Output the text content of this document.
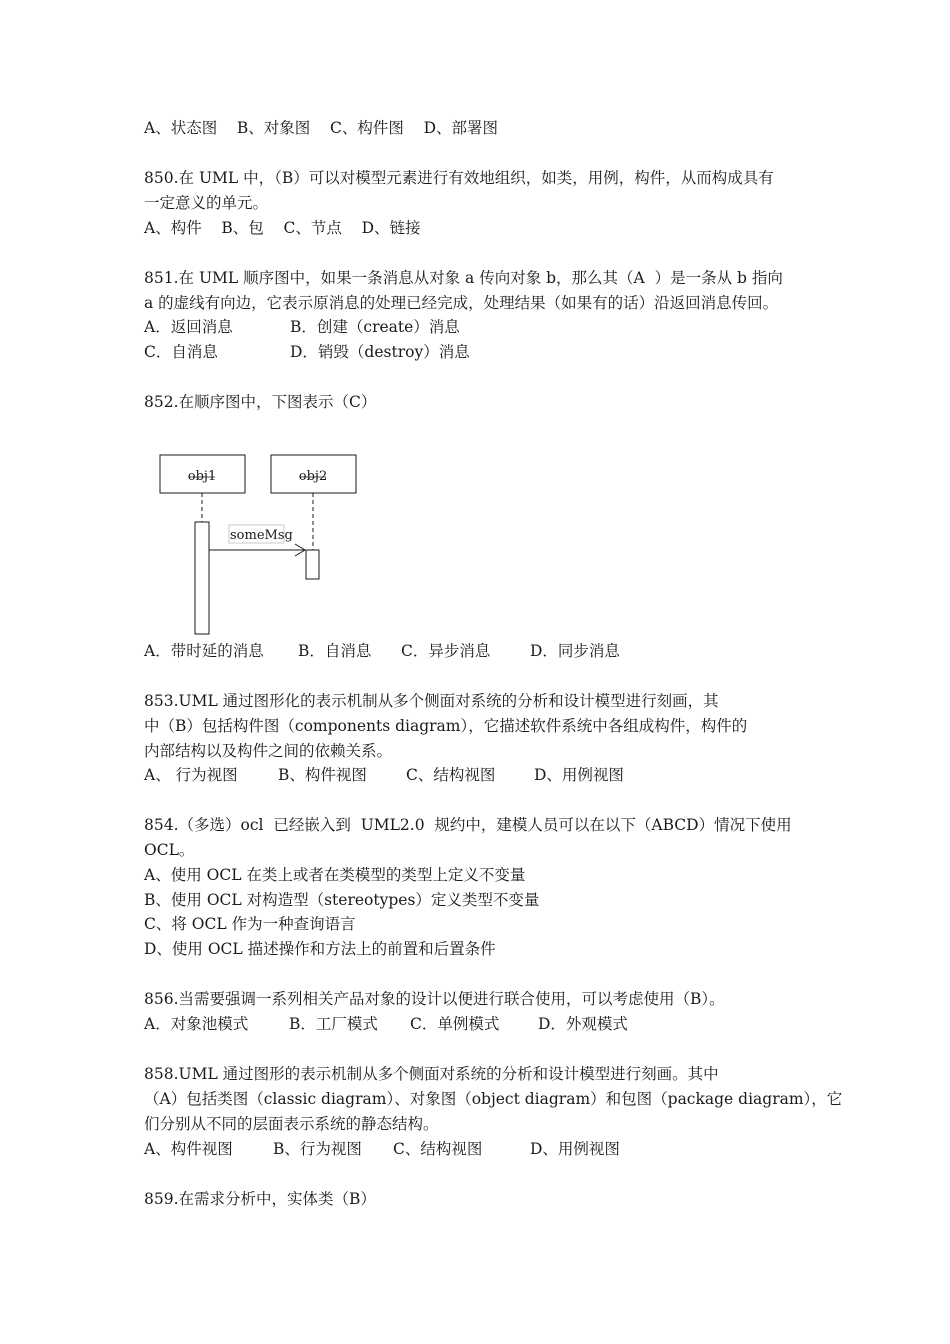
A、状态图    B、对象图    C、构件图    D、部署图
850.在 UML 中，（B）可以对模型元素进行有效地组织，如类，用例，构件，从而构成具有
一定意义的单元。
A、构件    B、包    C、节点    D、链接
851.在 UML 顺序图中，如果一条消息从对象 a 传向对象 b，那么其（A  ）是一条从 b 指向
a 的虚线有向边，它表示原消息的处理已经完成，处理结果（如果有的话）沿返回消息传回。
A．返回消息	B．创建（create）消息
C．自消息	D．销毁（destroy）消息
852.在顺序图中，下图表示（C）
obj1	obj2
someMsg
A．带时延的消息 B．自消息 C．异步消息	D．同步消息
853.UML 通过图形化的表示机制从多个侧面对系统的分析和设计模型进行刻画，其
中（B）包括构件图（components diagram），它描述软件系统中各组成构件，构件的
内部结构以及构件之间的依赖关系。
A、 行为视图	B、构件视图	C、结构视图 D、用例视图
854.（多选）ocl  已经嵌入到  UML2.0  规约中，建模人员可以在以下（ABCD）情况下使用
OCL。
A、使用 OCL 在类上或者在类模型的类型上定义不变量
B、使用 OCL 对构造型（stereotypes）定义类型不变量
C、将 OCL 作为一种查询语言
D、使用 OCL 描述操作和方法上的前置和后置条件
856.当需要强调一系列相关产品对象的设计以便进行联合使用，可以考虑使用（B）。
A．对象池模式	B．工厂模式 C．单例模式 D．外观模式
858.UML 通过图形的表示机制从多个侧面对系统的分析和设计模型进行刻画。其中
（A）包括类图（classic diagram）、对象图（object diagram）和包图（package diagram），它
们分别从不同的层面表示系统的静态结构。
A、构件视图	B、行为视图 C、结构视图	D、用例视图
859.在需求分析中，实体类（B）
